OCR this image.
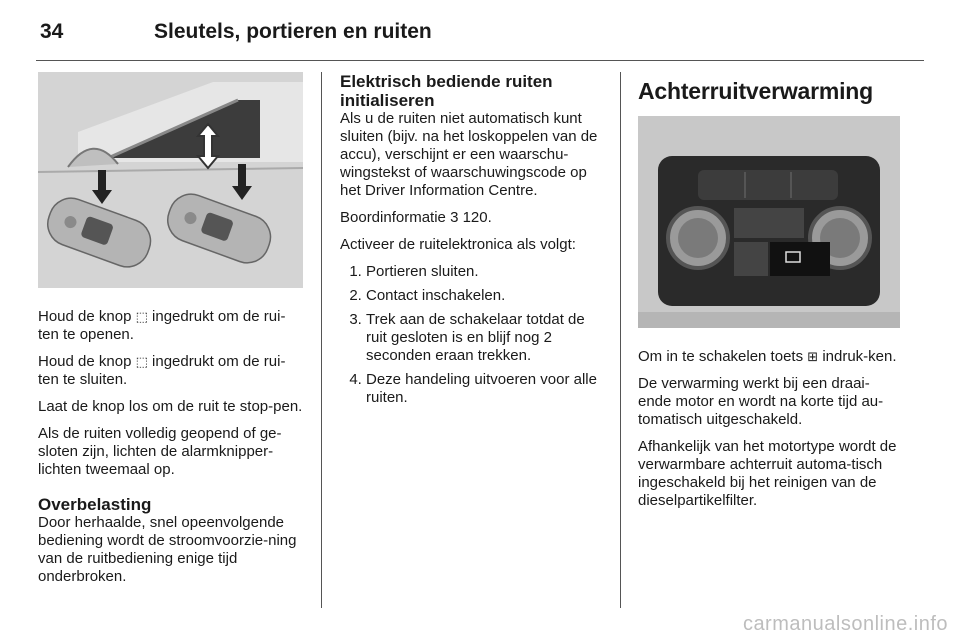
34	Sleutels, portieren en ruiten

Houd de knop ⬚ ingedrukt om de rui-ten te openen.

Houd de knop ⬚ ingedrukt om de rui-ten te sluiten.

Laat de knop los om de ruit te stop-pen.

Als de ruiten volledig geopend of ge-sloten zijn, lichten de alarmknipper-lichten tweemaal op.

Overbelasting

Door herhaalde, snel opeenvolgende bediening wordt de stroomvoorzie-ning van de ruitbediening enige tijd onderbroken.

Elektrisch bediende ruiten initialiseren

Als u de ruiten niet automatisch kunt sluiten (bijv. na het loskoppelen van de accu), verschijnt er een waarschu-wingstekst of waarschuwingscode op het Driver Information Centre.

Boordinformatie 3 120.

Activeer de ruitelektronica als volgt:

1. Portieren sluiten.
2. Contact inschakelen.
3. Trek aan de schakelaar totdat de ruit gesloten is en blijf nog 2 seconden eraan trekken.
4. Deze handeling uitvoeren voor alle ruiten.
Achterruitverwarming

Om in te schakelen toets ⊞ indruk-ken.

De verwarming werkt bij een draai-ende motor en wordt na korte tijd au-tomatisch uitgeschakeld.

Afhankelijk van het motortype wordt de verwarmbare achterruit automa-tisch ingeschakeld bij het reinigen van de dieselpartikelfilter.

carmanualsonline.info
